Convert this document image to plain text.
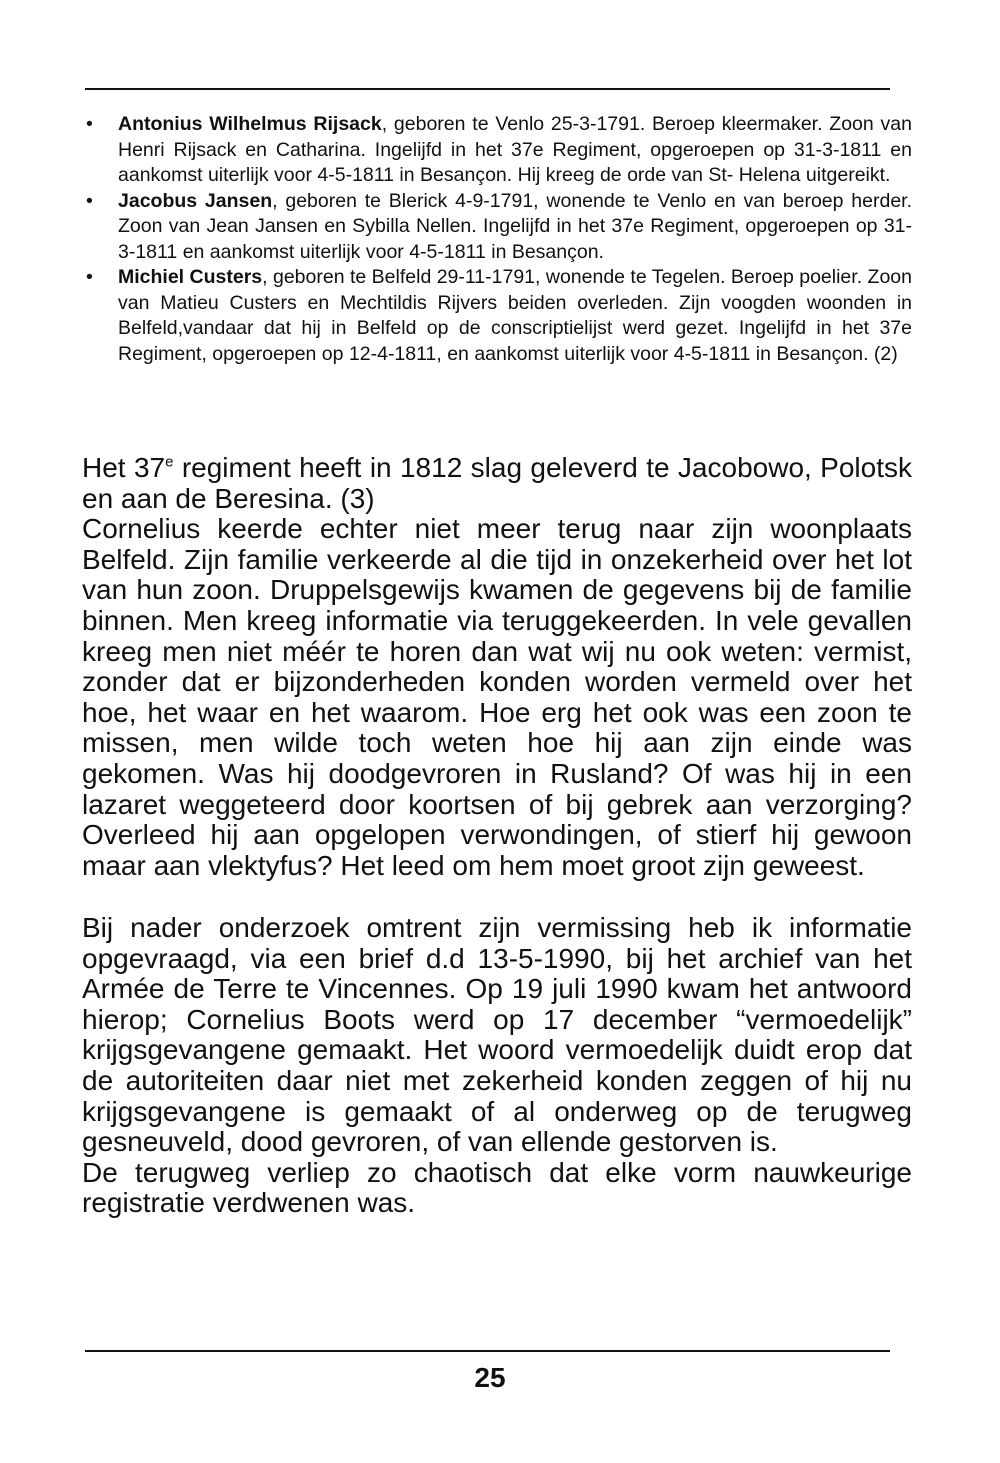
• Antonius Wilhelmus Rijsack, geboren te Venlo 25-3-1791. Beroep kleermaker. Zoon van Henri Rijsack en Catharina. Ingelijfd in het 37e Regiment, opgeroepen op 31-3-1811 en aankomst uiterlijk voor 4-5-1811 in Besançon. Hij kreeg de orde van St- Helena uitgereikt.
• Jacobus Jansen, geboren te Blerick 4-9-1791, wonende te Venlo en van beroep herder. Zoon van Jean Jansen en Sybilla Nellen. Ingelijfd in het 37e Regiment, opgeroepen op 31-3-1811 en aankomst uiterlijk voor 4-5-1811 in Besançon.
• Michiel Custers, geboren te Belfeld 29-11-1791, wonende te Tegelen. Beroep poelier. Zoon van Matieu Custers en Mechtildis Rijvers beiden overleden. Zijn voogden woonden in Belfeld,vandaar dat hij in Belfeld op de conscriptielijst werd gezet. Ingelijfd in het 37e Regiment, opgeroepen op 12-4-1811, en aankomst uiterlijk voor 4-5-1811 in Besançon. (2)
Het 37e regiment heeft in 1812 slag geleverd te Jacobowo, Polotsk en aan de Beresina. (3)
Cornelius keerde echter niet meer terug naar zijn woonplaats Belfeld. Zijn familie verkeerde al die tijd in onzekerheid over het lot van hun zoon. Druppelsgewijs kwamen de gegevens bij de familie binnen. Men kreeg informatie via teruggekeerden. In vele gevallen kreeg men niet méér te horen dan wat wij nu ook weten: vermist, zonder dat er bijzonderheden konden worden vermeld over het hoe, het waar en het waarom. Hoe erg het ook was een zoon te missen, men wilde toch weten hoe hij aan zijn einde was gekomen. Was hij doodgevroren in Rusland? Of was hij in een lazaret weggeteerd door koortsen of bij gebrek aan verzorging? Overleed hij aan opgelopen verwondingen, of stierf hij gewoon maar aan vlektyfus? Het leed om hem moet groot zijn geweest.
Bij nader onderzoek omtrent zijn vermissing heb ik informatie opgevraagd, via een brief d.d 13-5-1990, bij het archief van het Armée de Terre te Vincennes. Op 19 juli 1990 kwam het antwoord hierop; Cornelius Boots werd op 17 december “vermoedelijk” krijgsgevangene gemaakt. Het woord vermoedelijk duidt erop dat de autoriteiten daar niet met zekerheid konden zeggen of hij nu krijgsgevangene is gemaakt of al onderweg op de terugweg gesneuveld, dood gevroren, of van ellende gestorven is.
De terugweg verliep zo chaotisch dat elke vorm nauwkeurige registratie verdwenen was.
25
